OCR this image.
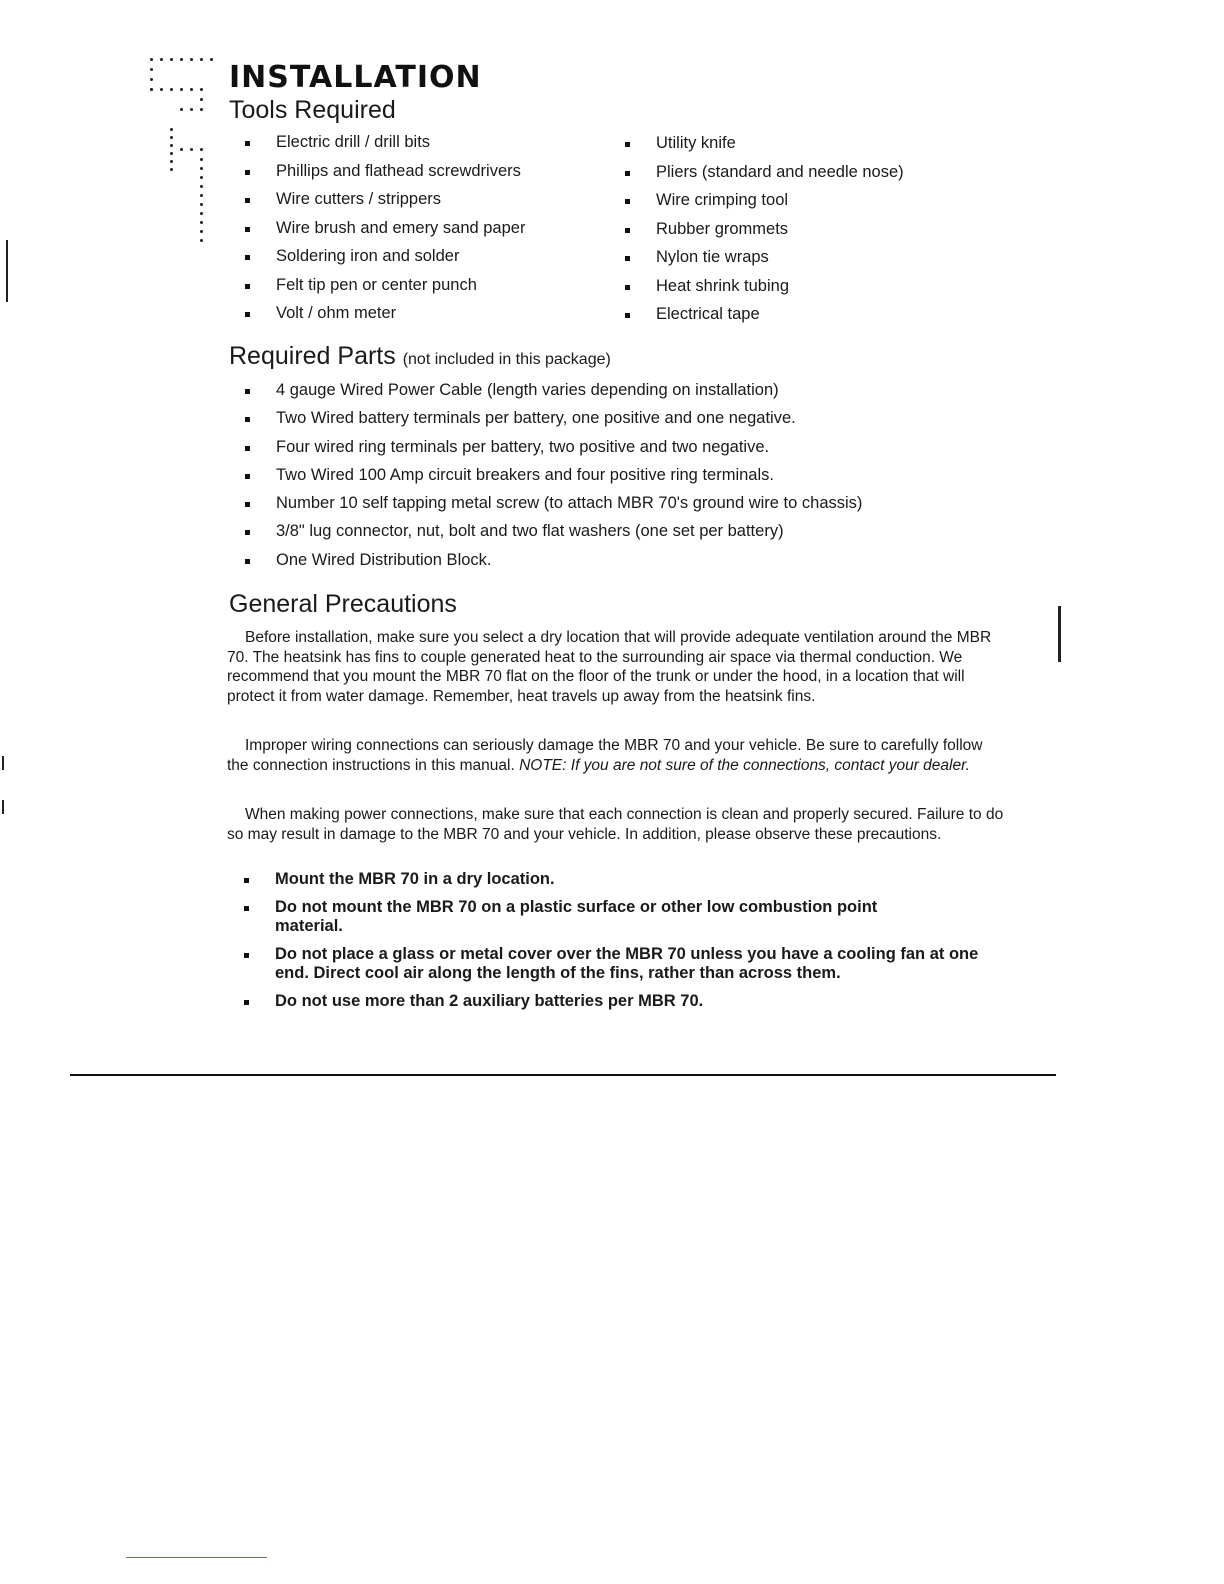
INSTALLATION
Tools Required
Electric drill / drill bits
Phillips and flathead screwdrivers
Wire cutters / strippers
Wire brush and emery sand paper
Soldering iron and solder
Felt tip pen or center punch
Volt / ohm meter
Utility knife
Pliers (standard and needle nose)
Wire crimping tool
Rubber grommets
Nylon tie wraps
Heat shrink tubing
Electrical tape
Required Parts (not included in this package)
4 gauge Wired Power Cable (length varies depending on installation)
Two Wired battery terminals per battery, one positive and one negative.
Four wired ring terminals per battery, two positive and two negative.
Two Wired 100 Amp circuit breakers and four positive ring terminals.
Number 10 self tapping metal screw (to attach MBR 70's ground wire to chassis)
3/8" lug connector, nut, bolt and two flat washers (one set per battery)
One Wired Distribution Block.
General Precautions

Before installation, make sure you select a dry location that will provide adequate ventilation around the MBR 70. The heatsink has fins to couple generated heat to the surrounding air space via thermal conduction. We recommend that you mount the MBR 70 flat on the floor of the trunk or under the hood, in a location that will protect it from water damage. Remember, heat travels up away from the heatsink fins.

Improper wiring connections can seriously damage the MBR 70 and your vehicle. Be sure to carefully follow the connection instructions in this manual. NOTE: If you are not sure of the connections, contact your dealer.

When making power connections, make sure that each connection is clean and properly secured. Failure to do so may result in damage to the MBR 70 and your vehicle. In addition, please observe these precautions.

Mount the MBR 70 in a dry location.
Do not mount the MBR 70 on a plastic surface or other low combustion point material.
Do not place a glass or metal cover over the MBR 70 unless you have a cooling fan at one end. Direct cool air along the length of the fins, rather than across them.
Do not use more than 2 auxiliary batteries per MBR 70.
